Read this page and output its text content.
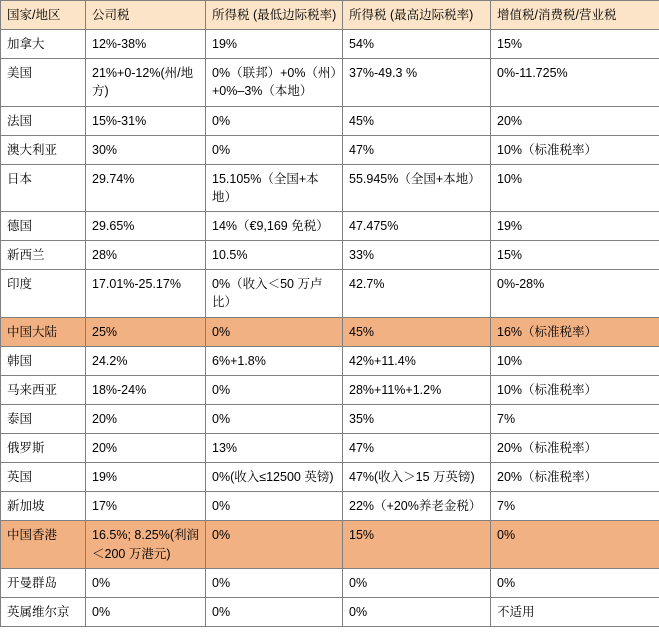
国家/地区	公司税	所得税 (最低边际税率)	所得税 (最高边际税率)	增值税/消费税/营业税
加拿大	12%-38%	19%	54%	15%
美国	21%+0-12%(州/地方)	0%（联邦）+0%（州）+0%–3%（本地）	37%-49.3 %	0%-11.725%
法国	15%-31%	0%	45%	20%
澳大利亚	30%	0%	47%	10%（标准税率）
日本	29.74%	15.105%（全国+本地）	55.945%（全国+本地）	10%
德国	29.65%	14%（€9,169 免税）	47.475%	19%
新西兰	28%	10.5%	33%	15%
印度	17.01%-25.17%	0%（收入＜50 万卢比）	42.7%	0%-28%
中国大陆	25%	0%	45%	16%（标准税率）
韩国	24.2%	6%+1.8%	42%+11.4%	10%
马来西亚	18%-24%	0%	28%+11%+1.2%	10%（标准税率）
泰国	20%	0%	35%	7%
俄罗斯	20%	13%	47%	20%（标准税率）
英国	19%	0%(收入≤12500 英镑)	47%(收入＞15 万英镑)	20%（标准税率）
新加坡	17%	0%	22%（+20%养老金税）	7%
中国香港	16.5%; 8.25%(利润＜200 万港元)	0%	15%	0%
开曼群岛	0%	0%	0%	0%
英属维尔京	0%	0%	0%	不适用
